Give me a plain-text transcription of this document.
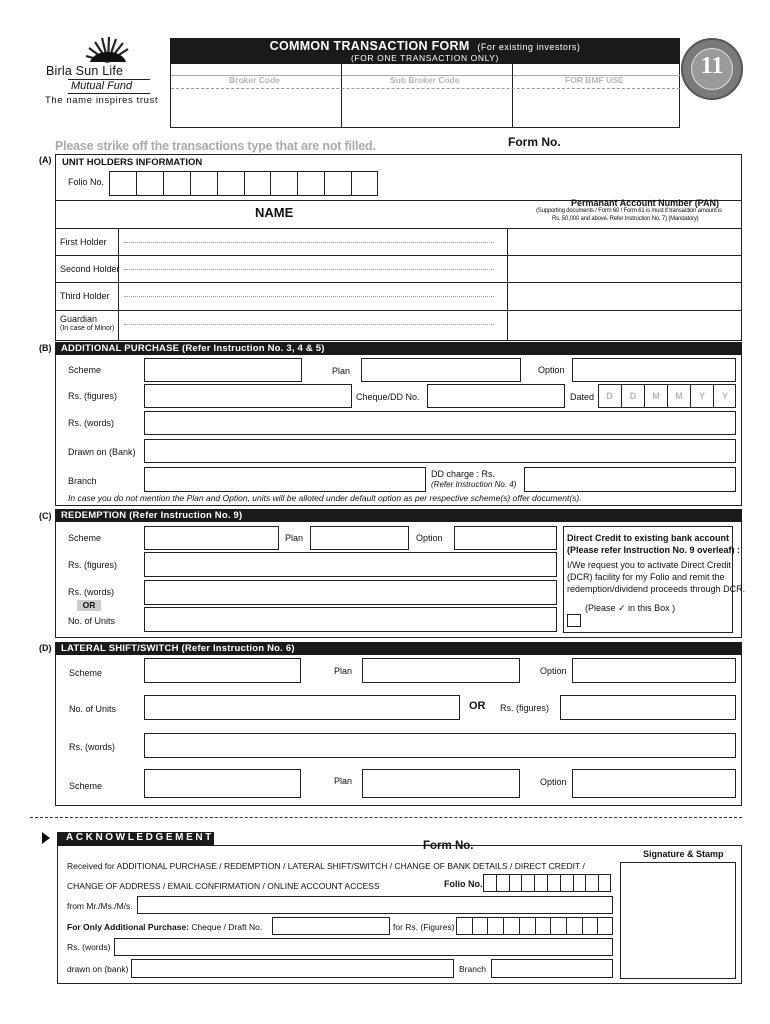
Birla Sun Life
Mutual Fund
The name inspires trust
COMMON TRANSACTION FORM (For existing investors)
(FOR ONE TRANSACTION ONLY)
Broker Code	Sub Broker Code	FOR BMF USE
11
Please strike off the transactions type that are not filled.	Form No.
(A) UNIT HOLDERS INFORMATION
Folio No.
NAME
Permanant Account Number (PAN)
(Supporting documents / Form 60 / Form 61 is must if transaction amount is
Rs. 50,000 and above. Refer Instruction No. 7) (Mandatory)
First Holder
Second Holder
Third Holder
Guardian
(In case of Minor)
(B) ADDITIONAL PURCHASE (Refer Instruction No. 3, 4 & 5)
Scheme	Plan	Option
Rs. (figures)	Cheque/DD No.	Dated	D	D	M	M	Y	Y
Rs. (words)
Drawn on (Bank)
Branch
DD charge : Rs.
(Refer Instruction No. 4)
In case you do not mention the Plan and Option, units will be alloted under default option as per respective scheme(s) offer document(s).
(C) REDEMPTION (Refer Instruction No. 9)
Scheme	Plan	Option
Rs. (figures)
Rs. (words)
OR
No. of Units
Direct Credit to existing bank account
(Please refer Instruction No. 9 overleaf) :
I/We request you to activate Direct Credit
(DCR) facility for my Folio and remit the
redemption/dividend proceeds through DCR.
(Please ✓ in this Box )
(D) LATERAL SHIFT/SWITCH (Refer Instruction No. 6)
Scheme	Plan	Option
No. of Units	OR Rs. (figures)
Rs. (words)
Scheme	Plan	Option
ACKNOWLEDGEMENT
Form No.
Signature & Stamp
Received for ADDITIONAL PURCHASE / REDEMPTION / LATERAL SHIFT/SWITCH / CHANGE OF BANK DETAILS / DIRECT CREDIT /
CHANGE OF ADDRESS / EMAIL CONFIRMATION / ONLINE ACCOUNT ACCESS	Folio No.
from Mr./Ms./M/s.
For Only Additional Purchase: Cheque / Draft No.	for Rs. (Figures)
Rs. (words)
drawn on (bank)	Branch
